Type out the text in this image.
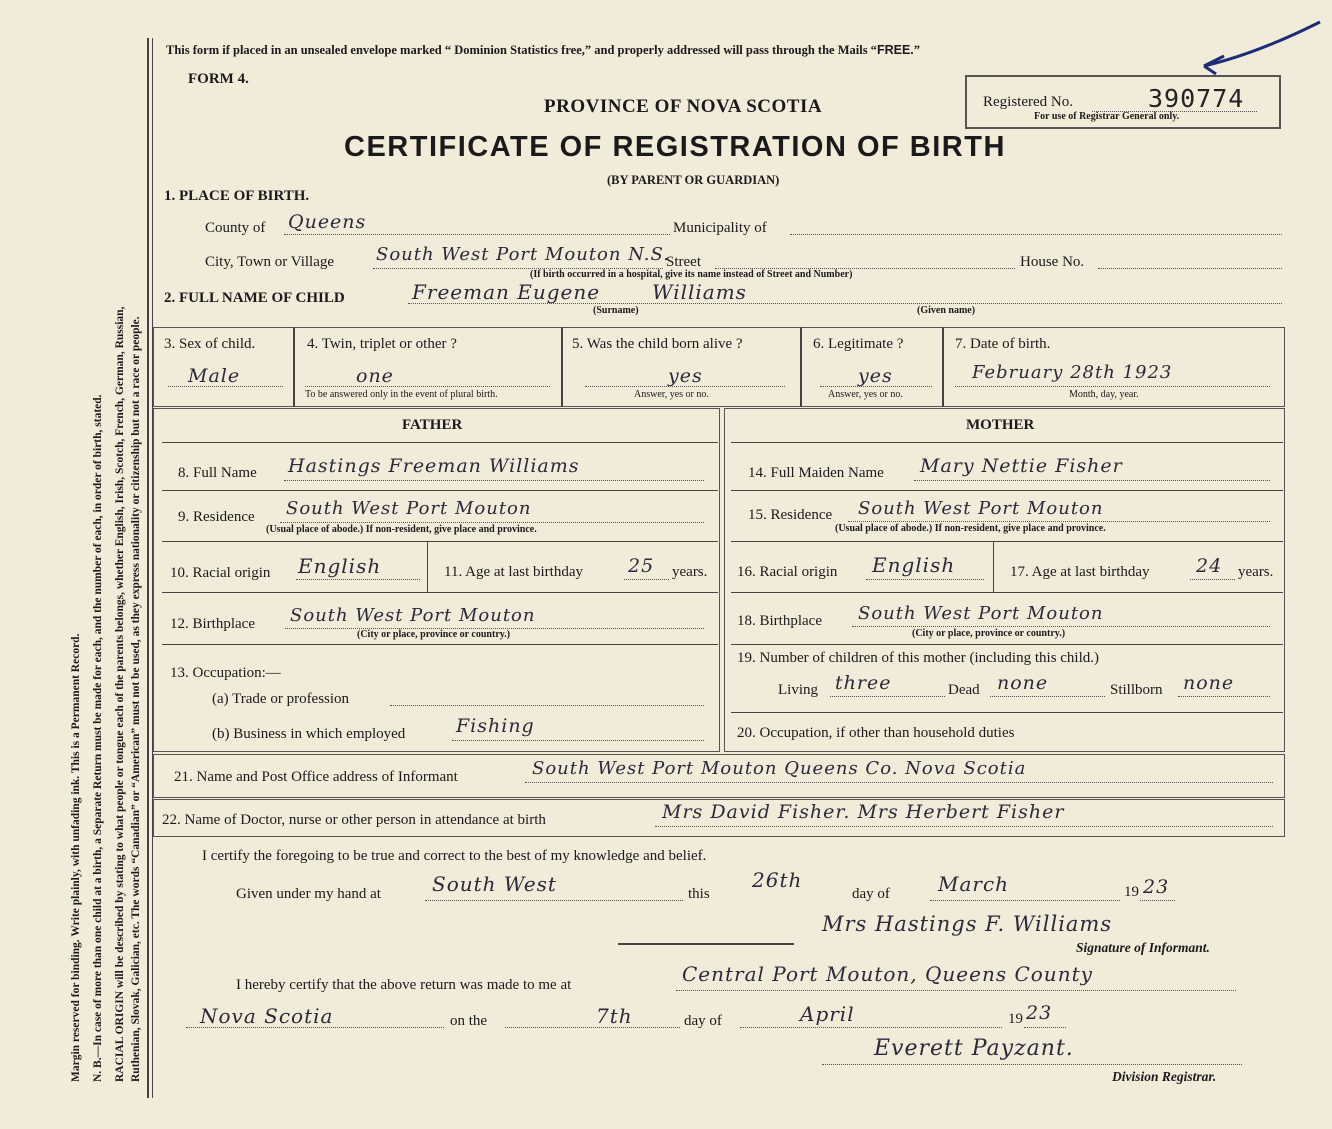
Margin reserved for binding. Write plainly, with unfading ink. This is a Permanent Record. N. B.—In case of more than one child at a birth, a Separate Return must be made for each, and the number of each, in order of birth, stated. RACIAL ORIGIN will be described by stating to what people or tongue each of the parents belongs, whether English, Irish, Scotch, French, German, Russian, Ruthenian, Slovak, Galician, etc. The words “Canadian” or “American” must not be used, as they express nationality or citizenship but not a race or people.
This form if placed in an unsealed envelope marked “ Dominion Statistics free,” and properly addressed will pass through the Mails “FREE.”
FORM 4.
PROVINCE OF NOVA SCOTIA
CERTIFICATE OF REGISTRATION OF BIRTH
(BY PARENT OR GUARDIAN)
Registered No.	390774
For use of Registrar General only.
1. PLACE OF BIRTH.
County of Queens	Municipality of
City, Town or Village South West Port Mouton N.S.
Street	House No.
(If birth occurred in a hospital, give its name instead of Street and Number)
2. FULL NAME OF CHILD	Freeman Eugene	Williams
(Surname)	(Given name)
3. Sex of child.
Male
4. Twin, triplet or other ?
one
To be answered only in the event of plural birth.
5. Was the child born alive ?
yes
Answer, yes or no.
6. Legitimate ?
yes
Answer, yes or no.
7. Date of birth.
February 28th 1923
Month, day, year.
FATHER	MOTHER
8. Full Name Hastings Freeman Williams
9. Residence South West Port Mouton
(Usual place of abode.) If non-resident, give place and province.
10. Racial origin English	11. Age at last birthday 25 years.
12. Birthplace South West Port Mouton
(City or place, province or country.)
13. Occupation:—
(a) Trade or profession
(b) Business in which employed	Fishing
14. Full Maiden Name Mary Nettie Fisher
15. Residence South West Port Mouton
(Usual place of abode.) If non-resident, give place and province.
16. Racial origin English	17. Age at last birthday 24 years.
18. Birthplace South West Port Mouton
(City or place, province or country.)
19. Number of children of this mother (including this child.)
Living three	Dead none	Stillborn none
20. Occupation, if other than household duties
21. Name and Post Office address of Informant	South West Port Mouton Queens Co. Nova Scotia
22. Name of Doctor, nurse or other person in attendance at birth	Mrs David Fisher. Mrs Herbert Fisher
I certify the foregoing to be true and correct to the best of my knowledge and belief.
Given under my hand at	South West	this
26th
day of March	19 23
Mrs Hastings F. Williams
Signature of Informant.
I hereby certify that the above return was made to me at	Central Port Mouton, Queens County
Nova Scotia	on the	7th	day of	April	19 23
Everett Payzant.
Division Registrar.
